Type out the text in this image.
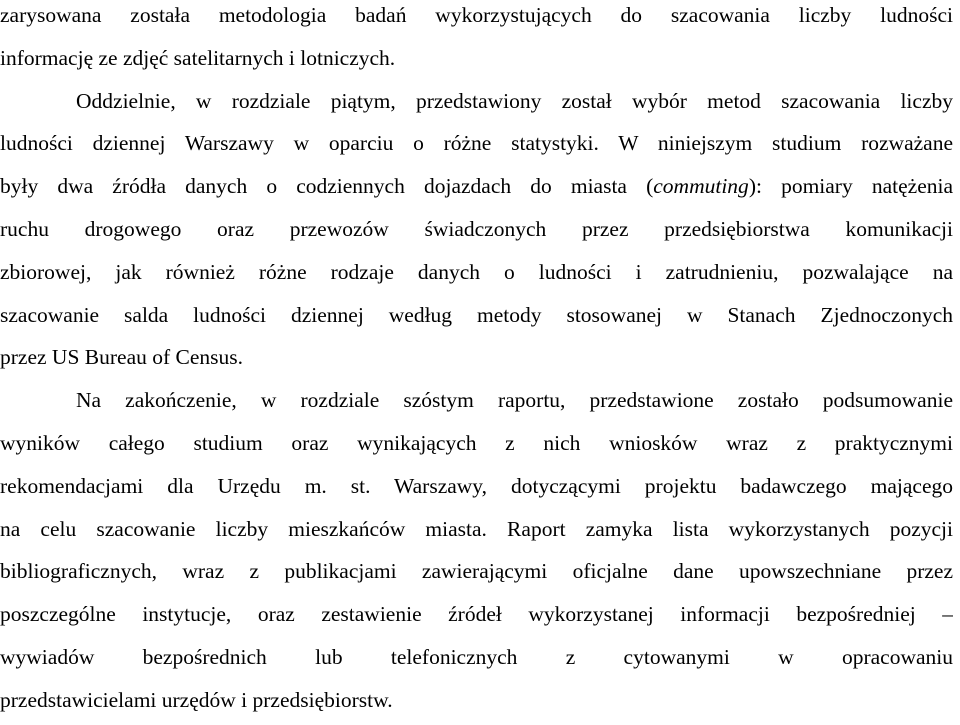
zarysowana została metodologia badań wykorzystujących do szacowania liczby ludności
informację ze zdjęć satelitarnych i lotniczych.
Oddzielnie, w rozdziale piątym, przedstawiony został wybór metod szacowania liczby
ludności dziennej Warszawy w oparciu o różne statystyki. W niniejszym studium rozważane
były dwa źródła danych o codziennych dojazdach do miasta (commuting): pomiary natężenia
ruchu drogowego oraz przewozów świadczonych przez przedsiębiorstwa komunikacji
zbiorowej, jak również różne rodzaje danych o ludności i zatrudnieniu, pozwalające na
szacowanie salda ludności dziennej według metody stosowanej w Stanach Zjednoczonych
przez US Bureau of Census.
Na zakończenie, w rozdziale szóstym raportu, przedstawione zostało podsumowanie
wyników całego studium oraz wynikających z nich wniosków wraz z praktycznymi
rekomendacjami dla Urzędu m. st. Warszawy, dotyczącymi projektu badawczego mającego
na celu szacowanie liczby mieszkańców miasta. Raport zamyka lista wykorzystanych pozycji
bibliograficznych, wraz z publikacjami zawierającymi oficjalne dane upowszechniane przez
poszczególne instytucje, oraz zestawienie źródeł wykorzystanej informacji bezpośredniej –
wywiadów bezpośrednich lub telefonicznych z cytowanymi w opracowaniu
przedstawicielami urzędów i przedsiębiorstw.
